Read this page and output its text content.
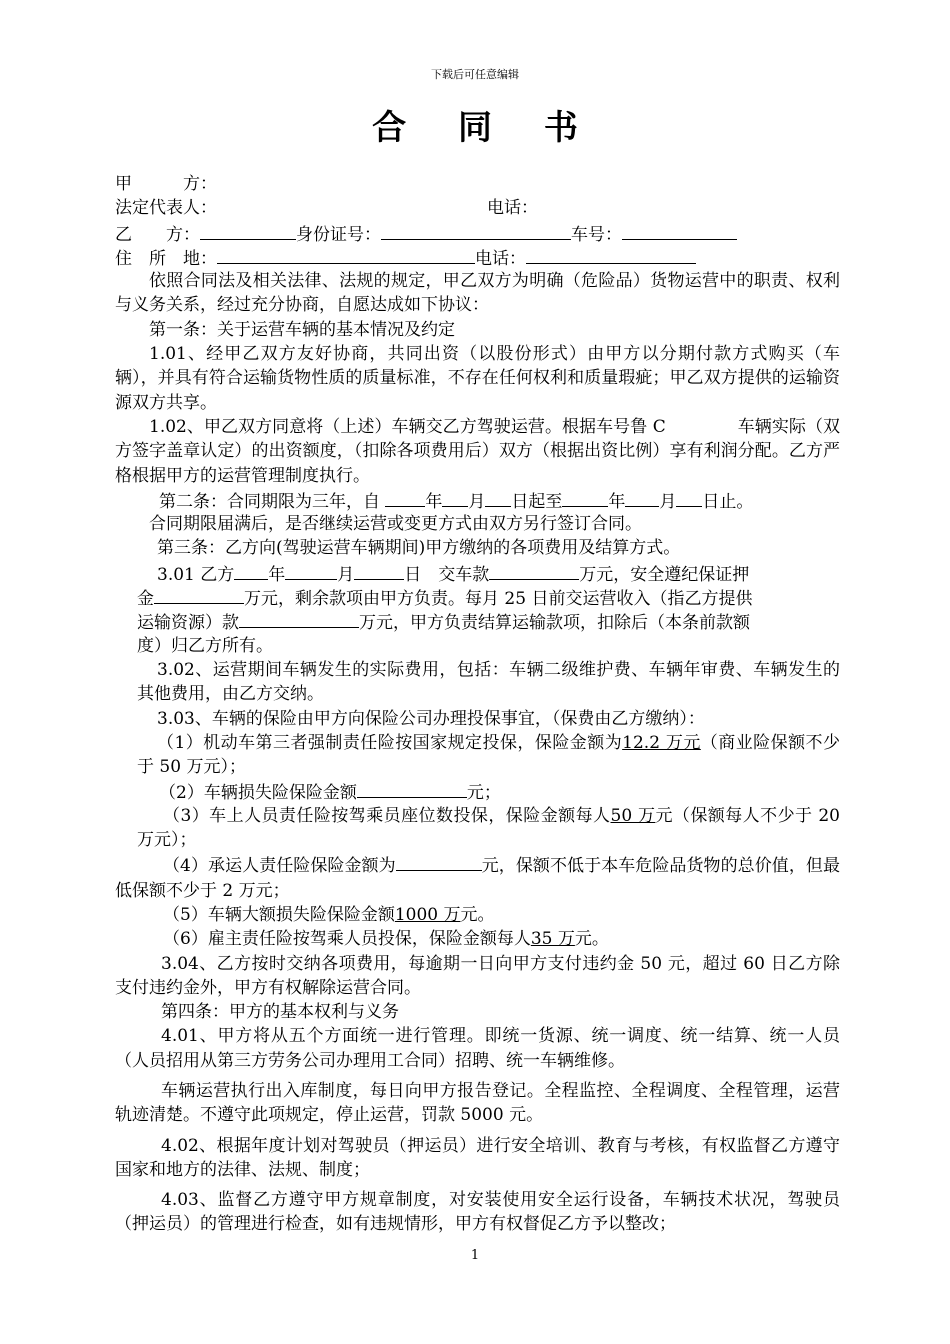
下载后可任意编辑
合 同 书
甲　　　方：
法定代表人：	电话：
乙　　方：	身份证号：	车号：
住　所　地：	电话：
依照合同法及相关法律、法规的规定，甲乙双方为明确（危险品）货物运营中的职责、权利与义务关系，经过充分协商，自愿达成如下协议：
第一条：关于运营车辆的基本情况及约定
1.01、经甲乙双方友好协商，共同出资（以股份形式）由甲方以分期付款方式购买（车辆），并具有符合运输货物性质的质量标准，不存在任何权利和质量瑕疵；甲乙双方提供的运输资源双方共享。
1.02、甲乙双方同意将（上述）车辆交乙方驾驶运营。根据车号鲁 C	车辆实际（双方签字盖章认定）的出资额度，（扣除各项费用后）双方（根据出资比例）享有利润分配。乙方严格根据甲方的运营管理制度执行。
第二条：合同期限为三年，自	年 月 日起至	年 月 日止。
合同期限届满后，是否继续运营或变更方式由双方另行签订合同。
第三条：乙方向(驾驶运营车辆期间)甲方缴纳的各项费用及结算方式。
3.01 乙方 年	月	日　交车款	万元，安全遵纪保证押
金	万元，剩余款项由甲方负责。每月 25 日前交运营收入（指乙方提供
运输资源）款	万元，甲方负责结算运输款项，扣除后（本条前款额
度）归乙方所有。
3.02、运营期间车辆发生的实际费用，包括：车辆二级维护费、车辆年审费、车辆发生的其他费用，由乙方交纳。
3.03、车辆的保险由甲方向保险公司办理投保事宜，（保费由乙方缴纳）：
（1）机动车第三者强制责任险按国家规定投保，保险金额为12.2 万元（商业险保额不少于 50 万元）；
（2）车辆损失险保险金额	元；
（3）车上人员责任险按驾乘员座位数投保，保险金额每人50 万元（保额每人不少于 20 万元）；
（4）承运人责任险保险金额为	元，保额不低于本车危险品货物的总价值，但最低保额不少于 2 万元；
（5）车辆大额损失险保险金额1000 万元。
（6）雇主责任险按驾乘人员投保，保险金额每人35 万元。
3.04、乙方按时交纳各项费用，每逾期一日向甲方支付违约金 50 元，超过 60 日乙方除支付违约金外，甲方有权解除运营合同。
第四条：甲方的基本权利与义务
4.01、甲方将从五个方面统一进行管理。即统一货源、统一调度、统一结算、统一人员（人员招用从第三方劳务公司办理用工合同）招聘、统一车辆维修。
车辆运营执行出入库制度，每日向甲方报告登记。全程监控、全程调度、全程管理，运营轨迹清楚。不遵守此项规定，停止运营，罚款 5000 元。
4.02、根据年度计划对驾驶员（押运员）进行安全培训、教育与考核，有权监督乙方遵守国家和地方的法律、法规、制度；
4.03、监督乙方遵守甲方规章制度，对安装使用安全运行设备，车辆技术状况，驾驶员（押运员）的管理进行检查，如有违规情形，甲方有权督促乙方予以整改；
1
